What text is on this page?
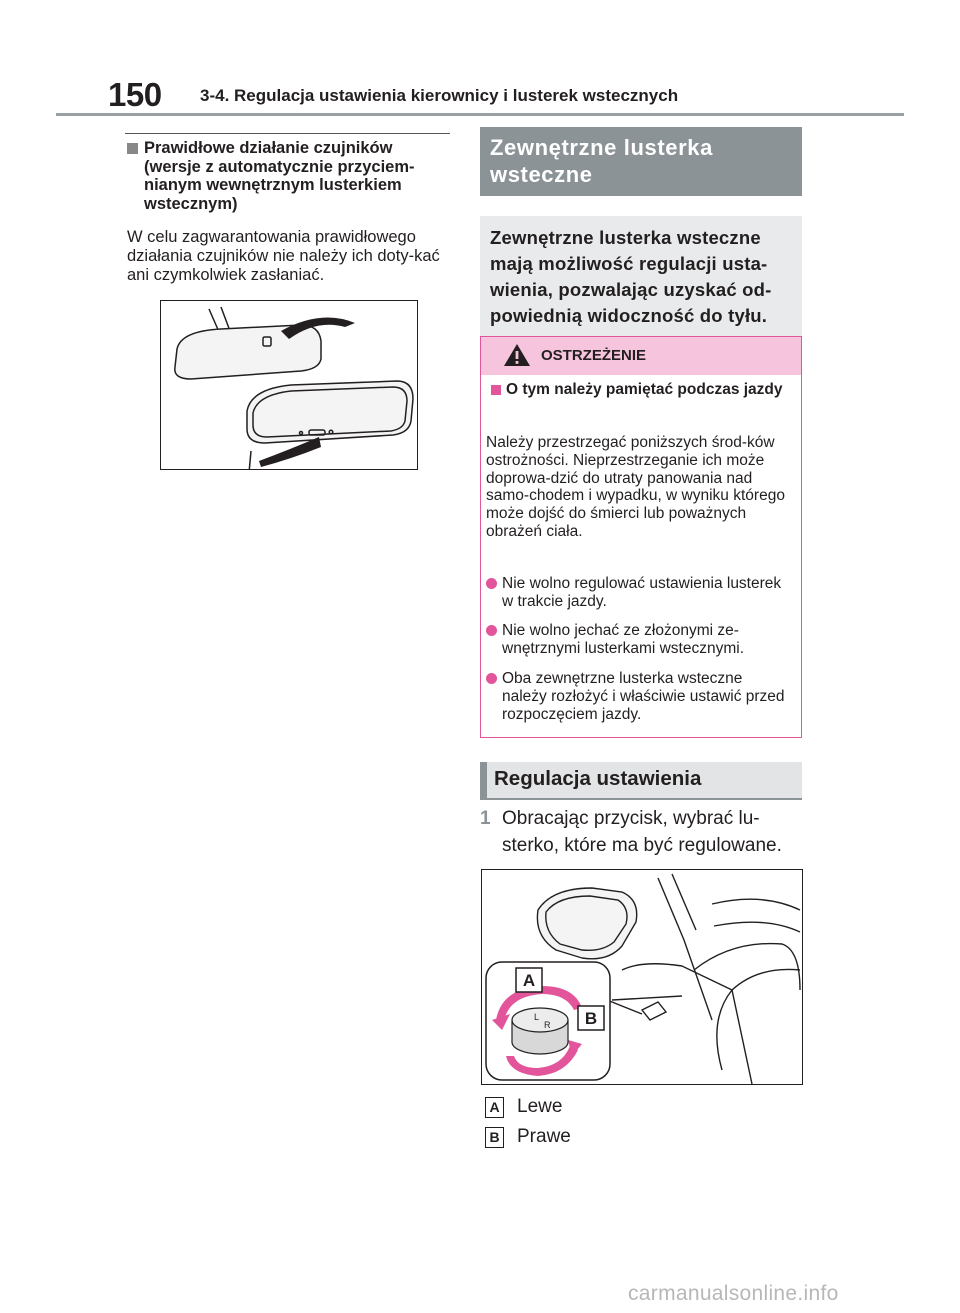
150 3-4. Regulacja ustawienia kierownicy i lusterek wstecznych
Prawidłowe działanie czujników (wersje z automatycznie przyciem-nianym wewnętrznym lusterkiem wstecznym)
W celu zagwarantowania prawidłowego działania czujników nie należy ich doty-kać ani czymkolwiek zasłaniać.
Zewnętrzne lusterka wsteczne
Zewnętrzne lusterka wsteczne mają możliwość regulacji usta-wienia, pozwalając uzyskać od-powiednią widoczność do tyłu.
OSTRZEŻENIE
O tym należy pamiętać podczas jazdy
Należy przestrzegać poniższych środ-ków ostrożności. Nieprzestrzeganie ich może doprowa-dzić do utraty panowania nad samo-chodem i wypadku, w wyniku którego może dojść do śmierci lub poważnych obrażeń ciała.
Nie wolno regulować ustawienia lusterek w trakcie jazdy.
Nie wolno jechać ze złożonymi ze-wnętrznymi lusterkami wstecznymi.
Oba zewnętrzne lusterka wsteczne należy rozłożyć i właściwie ustawić przed rozpoczęciem jazdy.
Regulacja ustawienia
1 Obracając przycisk, wybrać lu-sterko, które ma być regulowane.
L
R
A
B
A Lewe
B Prawe
carmanualsonline.info
